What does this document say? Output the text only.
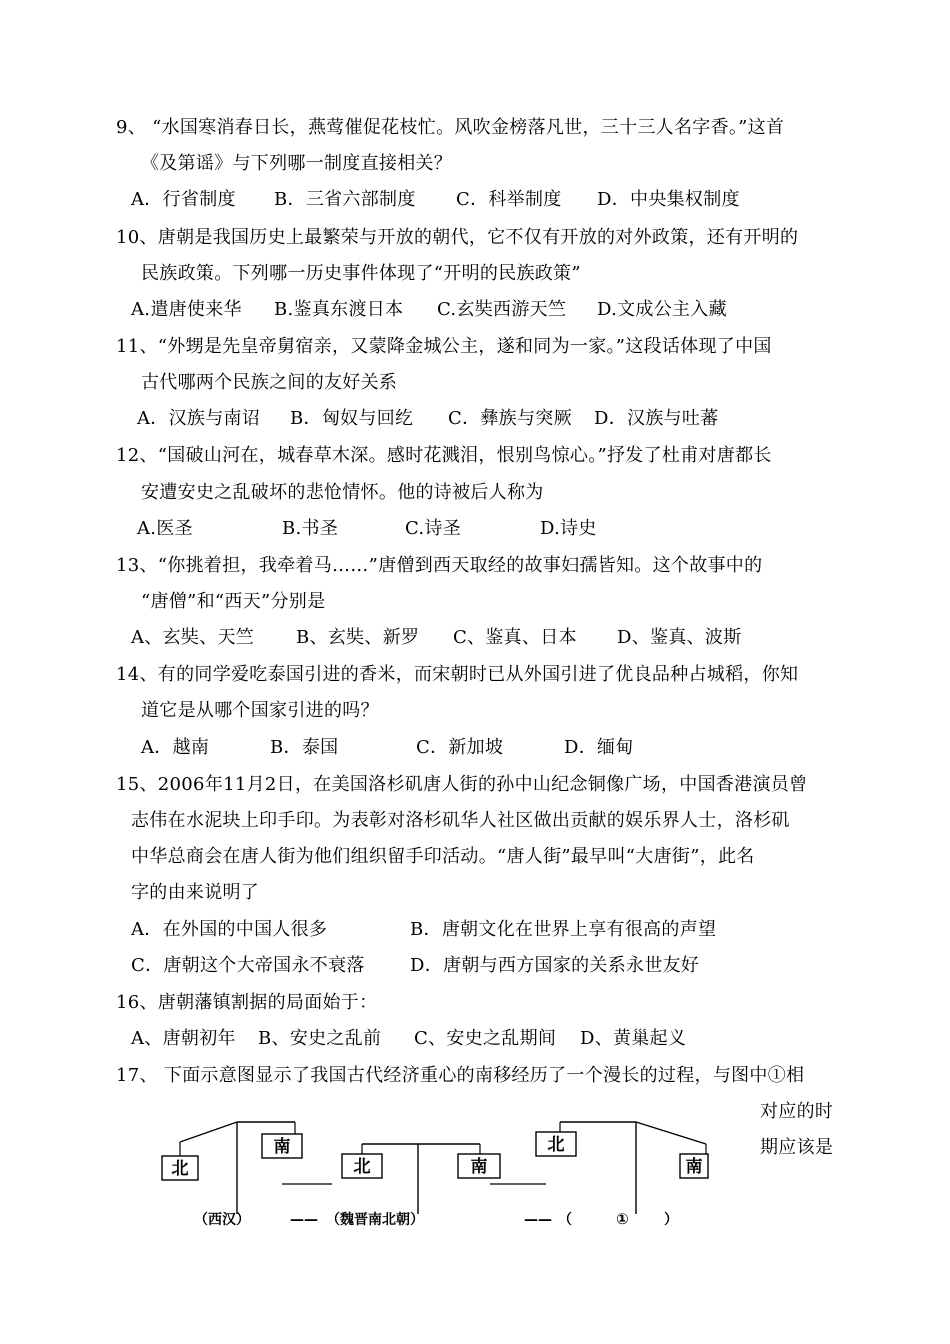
9、 “水国寒消春日长，燕莺催促花枝忙。风吹金榜落凡世，三十三人名字香。”这首
《及第谣》与下列哪一制度直接相关？
A．行省制度 B．三省六部制度 C．科举制度 D．中央集权制度
10、唐朝是我国历史上最繁荣与开放的朝代，它不仅有开放的对外政策，还有开明的
民族政策。下列哪一历史事件体现了“开明的民族政策”
A.遣唐使来华 B.鉴真东渡日本 C.玄奘西游天竺 D.文成公主入藏
11、“外甥是先皇帝舅宿亲，又蒙降金城公主，遂和同为一家。”这段话体现了中国
古代哪两个民族之间的友好关系
A．汉族与南诏 B．匈奴与回纥 C．彝族与突厥 D．汉族与吐蕃
12、“国破山河在，城春草木深。感时花溅泪，恨别鸟惊心。”抒发了杜甫对唐都长
安遭安史之乱破坏的悲怆情怀。他的诗被后人称为
A.医圣	B.书圣	C.诗圣	D.诗史
13、“你挑着担，我牵着马……”唐僧到西天取经的故事妇孺皆知。这个故事中的
“唐僧”和“西天”分别是
A、玄奘、天竺 B、玄奘、新罗 C、鉴真、日本 D、鉴真、波斯
14、有的同学爱吃泰国引进的香米，而宋朝时已从外国引进了优良品种占城稻，你知
道它是从哪个国家引进的吗？
A．越南	B．泰国	C．新加坡	D．缅甸
15、2006年11月2日，在美国洛杉矶唐人街的孙中山纪念铜像广场，中国香港演员曾
志伟在水泥块上印手印。为表彰对洛杉矶华人社区做出贡献的娱乐界人士，洛杉矶
中华总商会在唐人街为他们组织留手印活动。“唐人街”最早叫“大唐街”，此名
字的由来说明了
A．在外国的中国人很多	B．唐朝文化在世界上享有很高的声望
C．唐朝这个大帝国永不衰落	D．唐朝与西方国家的关系永世友好
16、唐朝藩镇割据的局面始于：
A、唐朝初年 B、安史之乱前 C、安史之乱期间 D、黄巢起义
17、 下面示意图显示了我国古代经济重心的南移经历了一个漫长的过程，与图中①相
对应的时
期应该是
北
南
北	南
北
南
（西汉）	—— （魏晋南北朝）	—— （	①	）
